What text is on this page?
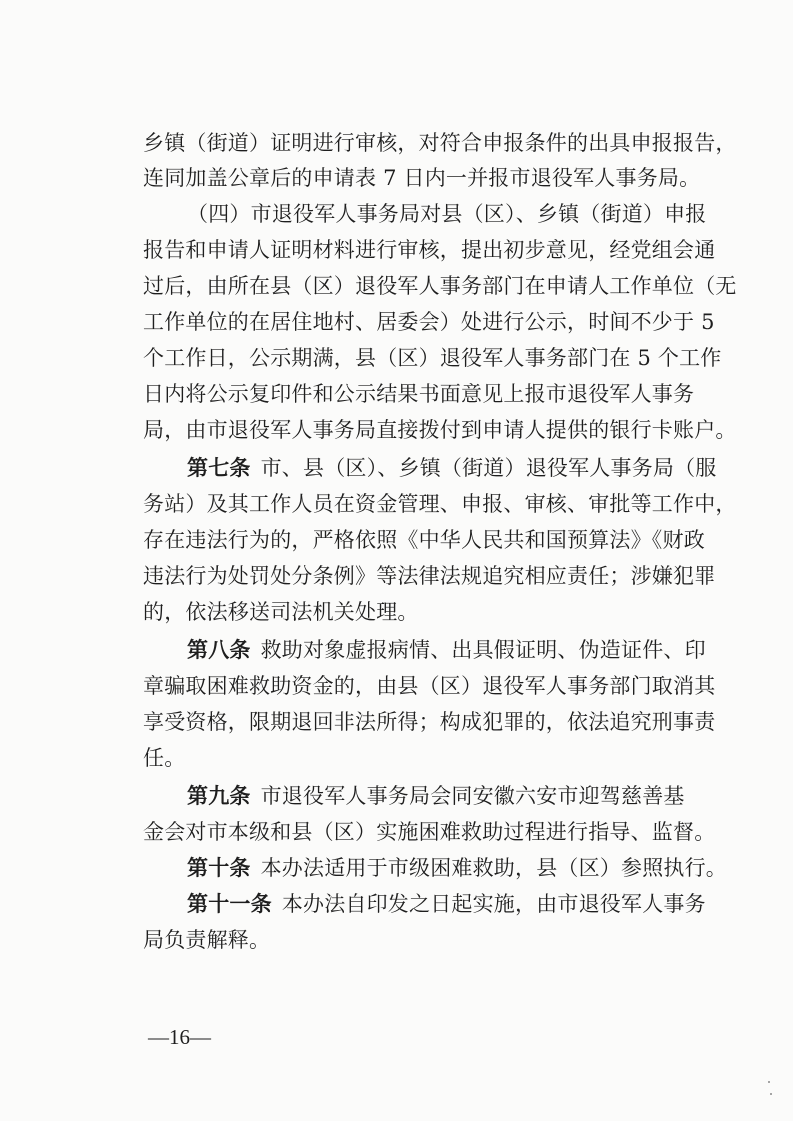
乡镇（街道）证明进行审核，对符合申报条件的出具申报报告，
连同加盖公章后的申请表 7 日内一并报市退役军人事务局。
（四）市退役军人事务局对县（区）、乡镇（街道）申报
报告和申请人证明材料进行审核，提出初步意见，经党组会通
过后，由所在县（区）退役军人事务部门在申请人工作单位（无
工作单位的在居住地村、居委会）处进行公示，时间不少于 5
个工作日，公示期满，县（区）退役军人事务部门在 5 个工作
日内将公示复印件和公示结果书面意见上报市退役军人事务
局，由市退役军人事务局直接拨付到申请人提供的银行卡账户。
第七条 市、县（区）、乡镇（街道）退役军人事务局（服
务站）及其工作人员在资金管理、申报、审核、审批等工作中，
存在违法行为的，严格依照《中华人民共和国预算法》《财政
违法行为处罚处分条例》等法律法规追究相应责任；涉嫌犯罪
的，依法移送司法机关处理。
第八条 救助对象虚报病情、出具假证明、伪造证件、印
章骗取困难救助资金的，由县（区）退役军人事务部门取消其
享受资格，限期退回非法所得；构成犯罪的，依法追究刑事责
任。
第九条 市退役军人事务局会同安徽六安市迎驾慈善基
金会对市本级和县（区）实施困难救助过程进行指导、监督。
第十条 本办法适用于市级困难救助，县（区）参照执行。
第十一条 本办法自印发之日起实施，由市退役军人事务
局负责解释。
—16—
